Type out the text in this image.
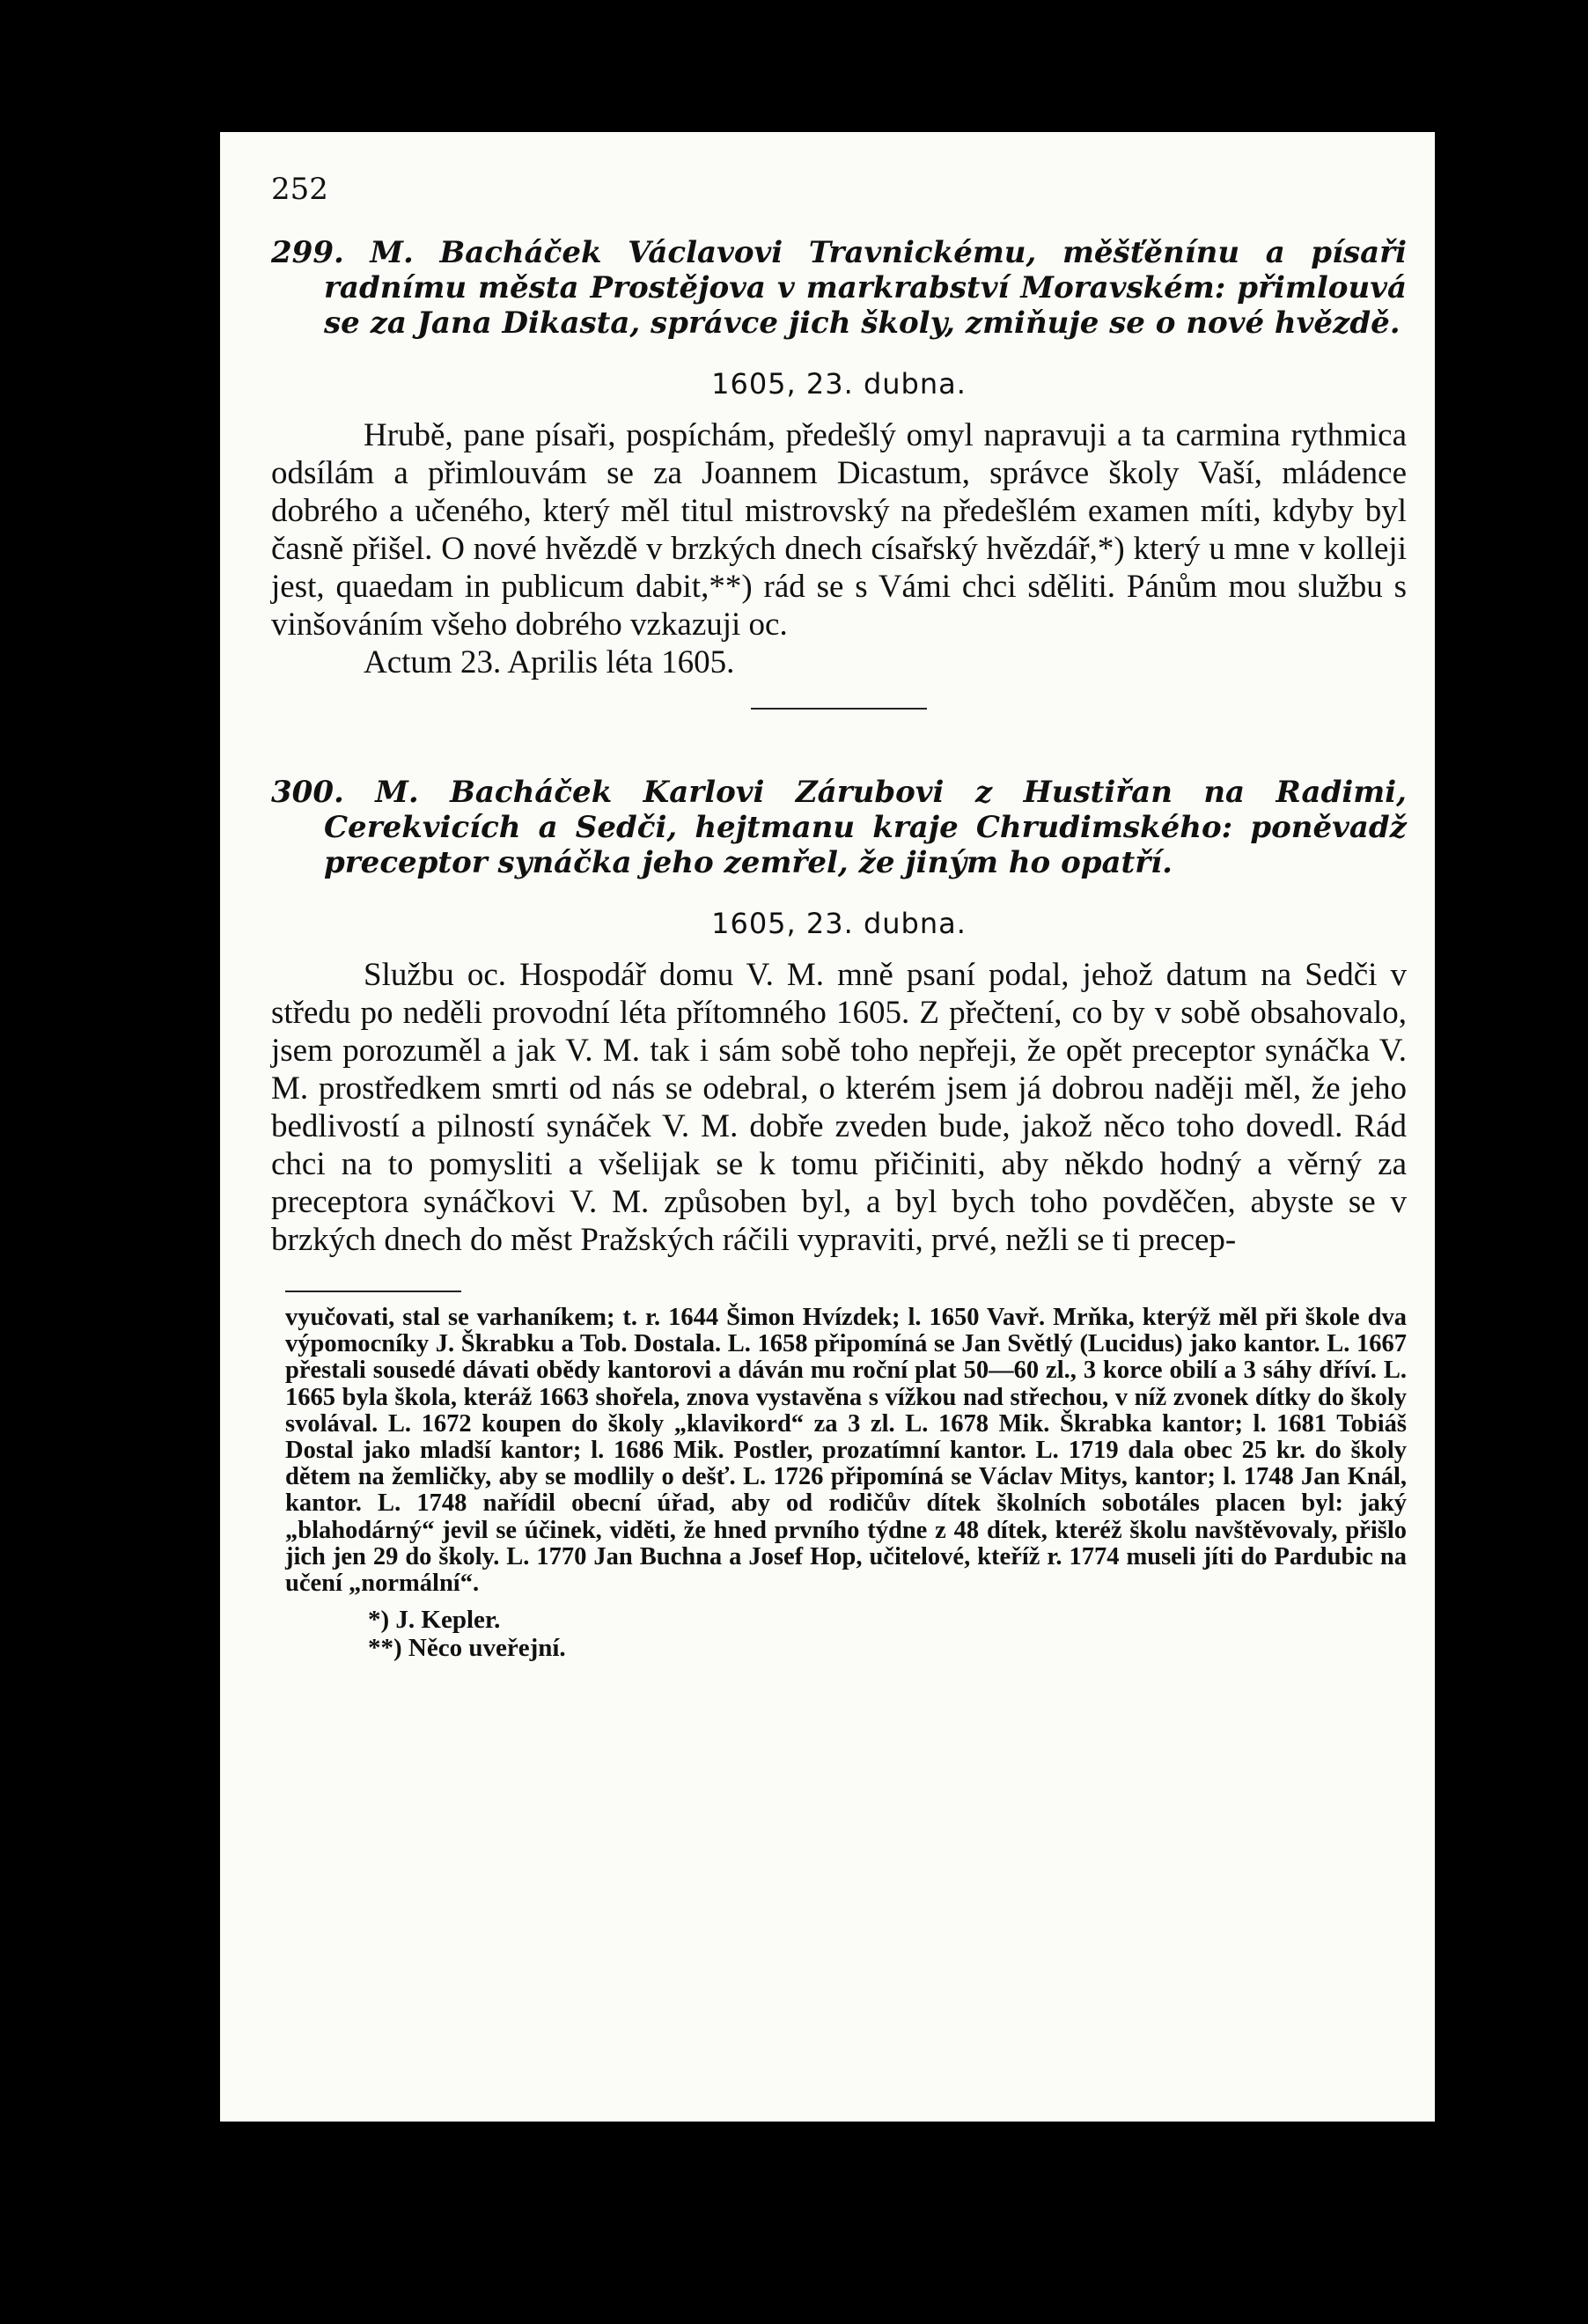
252

299. M. Bacháček Václavovi Travnickému, měšťěnínu a písaři radnímu města Prostějova v markrabství Moravském: přimlouvá se za Jana Dikasta, správce jich školy, zmiňuje se o nové hvězdě.

1605, 23. dubna.

Hrubě, pane písaři, pospíchám, předešlý omyl napravuji a ta carmina rythmica odsílám a přimlouvám se za Joannem Dicastum, správce školy Vaší, mládence dobrého a učeného, který měl titul mistrovský na předešlém examen míti, kdyby byl časně přišel. O nové hvězdě v brzkých dnech císařský hvězdář,*) který u mne v kolleji jest, quaedam in publicum dabit,**) rád se s Vámi chci sděliti. Pánům mou službu s vinšováním všeho dobrého vzkazuji oc.

Actum 23. Aprilis léta 1605.

300. M. Bacháček Karlovi Zárubovi z Hustiřan na Radimi, Cerekvicích a Sedči, hejtmanu kraje Chrudimského: poněvadž preceptor synáčka jeho zemřel, že jiným ho opatří.

1605, 23. dubna.

Službu oc. Hospodář domu V. M. mně psaní podal, jehož datum na Sedči v středu po neděli provodní léta přítomného 1605. Z přečtení, co by v sobě obsahovalo, jsem porozuměl a jak V. M. tak i sám sobě toho nepřeji, že opět preceptor synáčka V. M. prostředkem smrti od nás se odebral, o kterém jsem já dobrou naději měl, že jeho bedlivostí a pilností synáček V. M. dobře zveden bude, jakož něco toho dovedl. Rád chci na to pomysliti a všelijak se k tomu přičiniti, aby někdo hodný a věrný za preceptora synáčkovi V. M. způsoben byl, a byl bych toho povděčen, abyste se v brzkých dnech do měst Pražských ráčili vypraviti, prvé, nežli se ti precep-

vyučovati, stal se varhaníkem; t. r. 1644 Šimon Hvízdek; l. 1650 Vavř. Mrňka, kterýž měl při škole dva výpomocníky J. Škrabku a Tob. Dostala. L. 1658 připomíná se Jan Světlý (Lucidus) jako kantor. L. 1667 přestali sousedé dávati obědy kantorovi a dáván mu roční plat 50—60 zl., 3 korce obilí a 3 sáhy dříví. L. 1665 byla škola, kteráž 1663 shořela, znova vystavěna s vížkou nad střechou, v níž zvonek dítky do školy svolával. L. 1672 koupen do školy „klavikord“ za 3 zl. L. 1678 Mik. Škrabka kantor; l. 1681 Tobiáš Dostal jako mladší kantor; l. 1686 Mik. Postler, prozatímní kantor. L. 1719 dala obec 25 kr. do školy dětem na žemličky, aby se modlily o dešť. L. 1726 připomíná se Václav Mitys, kantor; l. 1748 Jan Knál, kantor. L. 1748 nařídil obecní úřad, aby od rodičův dítek školních sobotáles placen byl: jaký „blahodárný“ jevil se účinek, viděti, že hned prvního týdne z 48 dítek, kteréž školu navštěvovaly, přišlo jich jen 29 do školy. L. 1770 Jan Buchna a Josef Hop, učitelové, kteříž r. 1774 museli jíti do Pardubic na učení „normální“.

*) J. Kepler.

**) Něco uveřejní.
